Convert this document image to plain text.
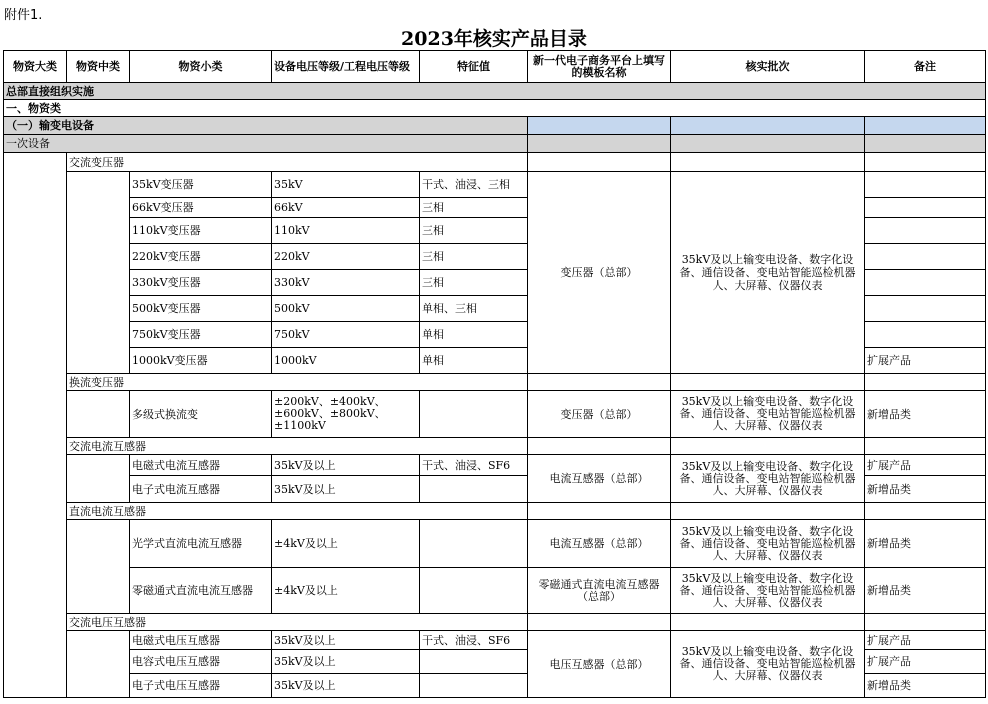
附件1.
2023年核实产品目录
物资大类	物资中类	物资小类	设备电压等级/工程电压等级	特征值	新一代电子商务平台上填写的模板名称	核实批次	备注
总部直接组织实施							
一、物资类							
（一）输变电设备							
一次设备							
	交流变压器						
		35kV变压器	35kV	干式、油浸、三相	变压器（总部）	35kV及以上输变电设备、数字化设备、通信设备、变电站智能巡检机器人、大屏幕、仪器仪表	
		66kV变压器	66kV	三相			
		110kV变压器	110kV	三相			
		220kV变压器	220kV	三相			
		330kV变压器	330kV	三相			
		500kV变压器	500kV	单相、三相			
		750kV变压器	750kV	单相			
		1000kV变压器	1000kV	单相			扩展产品
	换流变压器						
		多级式换流变	±200kV、±400kV、±600kV、±800kV、±1100kV		变压器（总部）	35kV及以上输变电设备、数字化设备、通信设备、变电站智能巡检机器人、大屏幕、仪器仪表	新增品类
	交流电流互感器						
		电磁式电流互感器	35kV及以上	干式、油浸、SF6	电流互感器（总部）	35kV及以上输变电设备、数字化设备、通信设备、变电站智能巡检机器人、大屏幕、仪器仪表	扩展产品
		电子式电流互感器	35kV及以上				新增品类
	直流电流互感器						
		光学式直流电流互感器	±4kV及以上		电流互感器（总部）	35kV及以上输变电设备、数字化设备、通信设备、变电站智能巡检机器人、大屏幕、仪器仪表	新增品类
		零磁通式直流电流互感器	±4kV及以上		零磁通式直流电流互感器（总部）	35kV及以上输变电设备、数字化设备、通信设备、变电站智能巡检机器人、大屏幕、仪器仪表	新增品类
	交流电压互感器						
		电磁式电压互感器	35kV及以上	干式、油浸、SF6	电压互感器（总部）	35kV及以上输变电设备、数字化设备、通信设备、变电站智能巡检机器人、大屏幕、仪器仪表	扩展产品
		电容式电压互感器	35kV及以上				扩展产品
		电子式电压互感器	35kV及以上				新增品类
